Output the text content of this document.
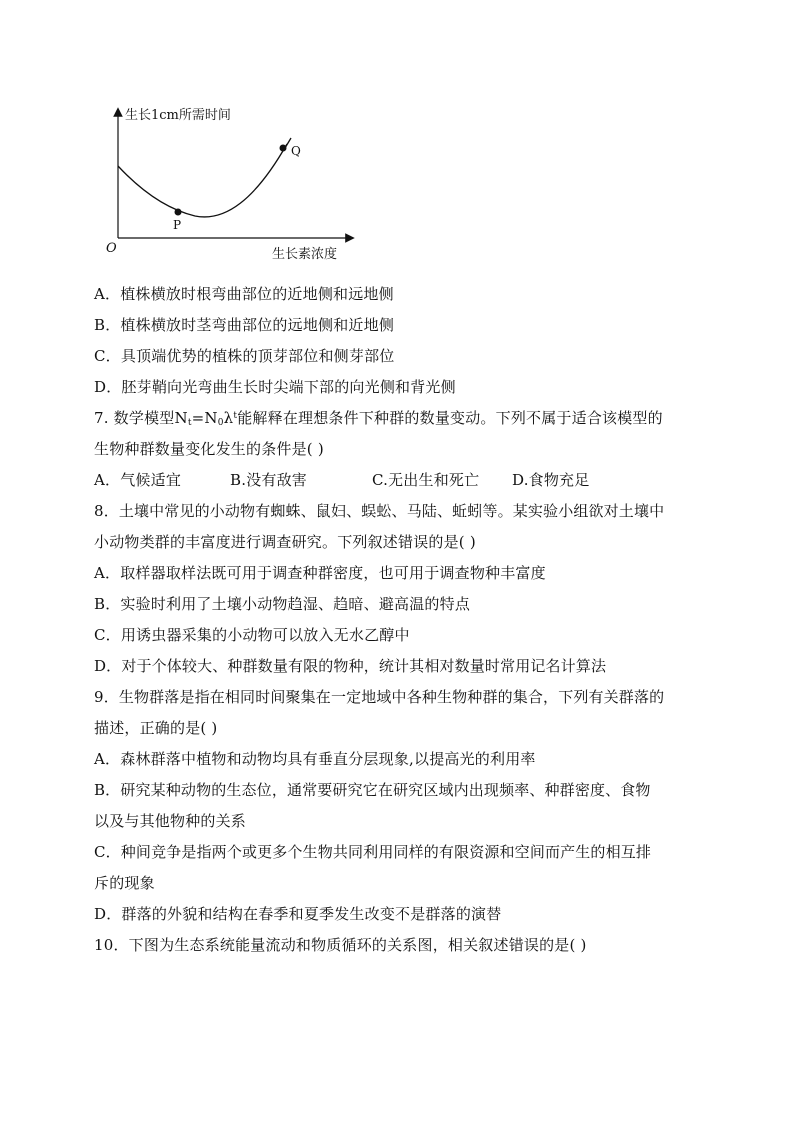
生长1cm所需时间
生长素浓度
O
P
Q
A．植株横放时根弯曲部位的近地侧和远地侧
B．植株横放时茎弯曲部位的远地侧和近地侧
C．具顶端优势的植株的顶芽部位和侧芽部位
D．胚芽鞘向光弯曲生长时尖端下部的向光侧和背光侧
7. 数学模型$Nt=N0\lambda^t$能解释在理想条件下种群的数量变动。下列不属于适合该模型的
生物种群数量变化发生的条件是( )
A．气候适宜	B.没有敌害	C.无出生和死亡 D.食物充足
8．土壤中常见的小动物有蜘蛛、鼠妇、蜈蚣、马陆、蚯蚓等。某实验小组欲对土壤中
小动物类群的丰富度进行调查研究。下列叙述错误的是( )
A．取样器取样法既可用于调查种群密度，也可用于调查物种丰富度
B．实验时利用了土壤小动物趋湿、趋暗、避高温的特点
C．用诱虫器采集的小动物可以放入无水乙醇中
D．对于个体较大、种群数量有限的物种，统计其相对数量时常用记名计算法
9．生物群落是指在相同时间聚集在一定地域中各种生物种群的集合，下列有关群落的
描述，正确的是( )
A．森林群落中植物和动物均具有垂直分层现象,以提高光的利用率
B．研究某种动物的生态位，通常要研究它在研究区域内出现频率、种群密度、食物
以及与其他物种的关系
C．种间竞争是指两个或更多个生物共同利用同样的有限资源和空间而产生的相互排
斥的现象
D．群落的外貌和结构在春季和夏季发生改变不是群落的演替
10．下图为生态系统能量流动和物质循环的关系图，相关叙述错误的是( )
